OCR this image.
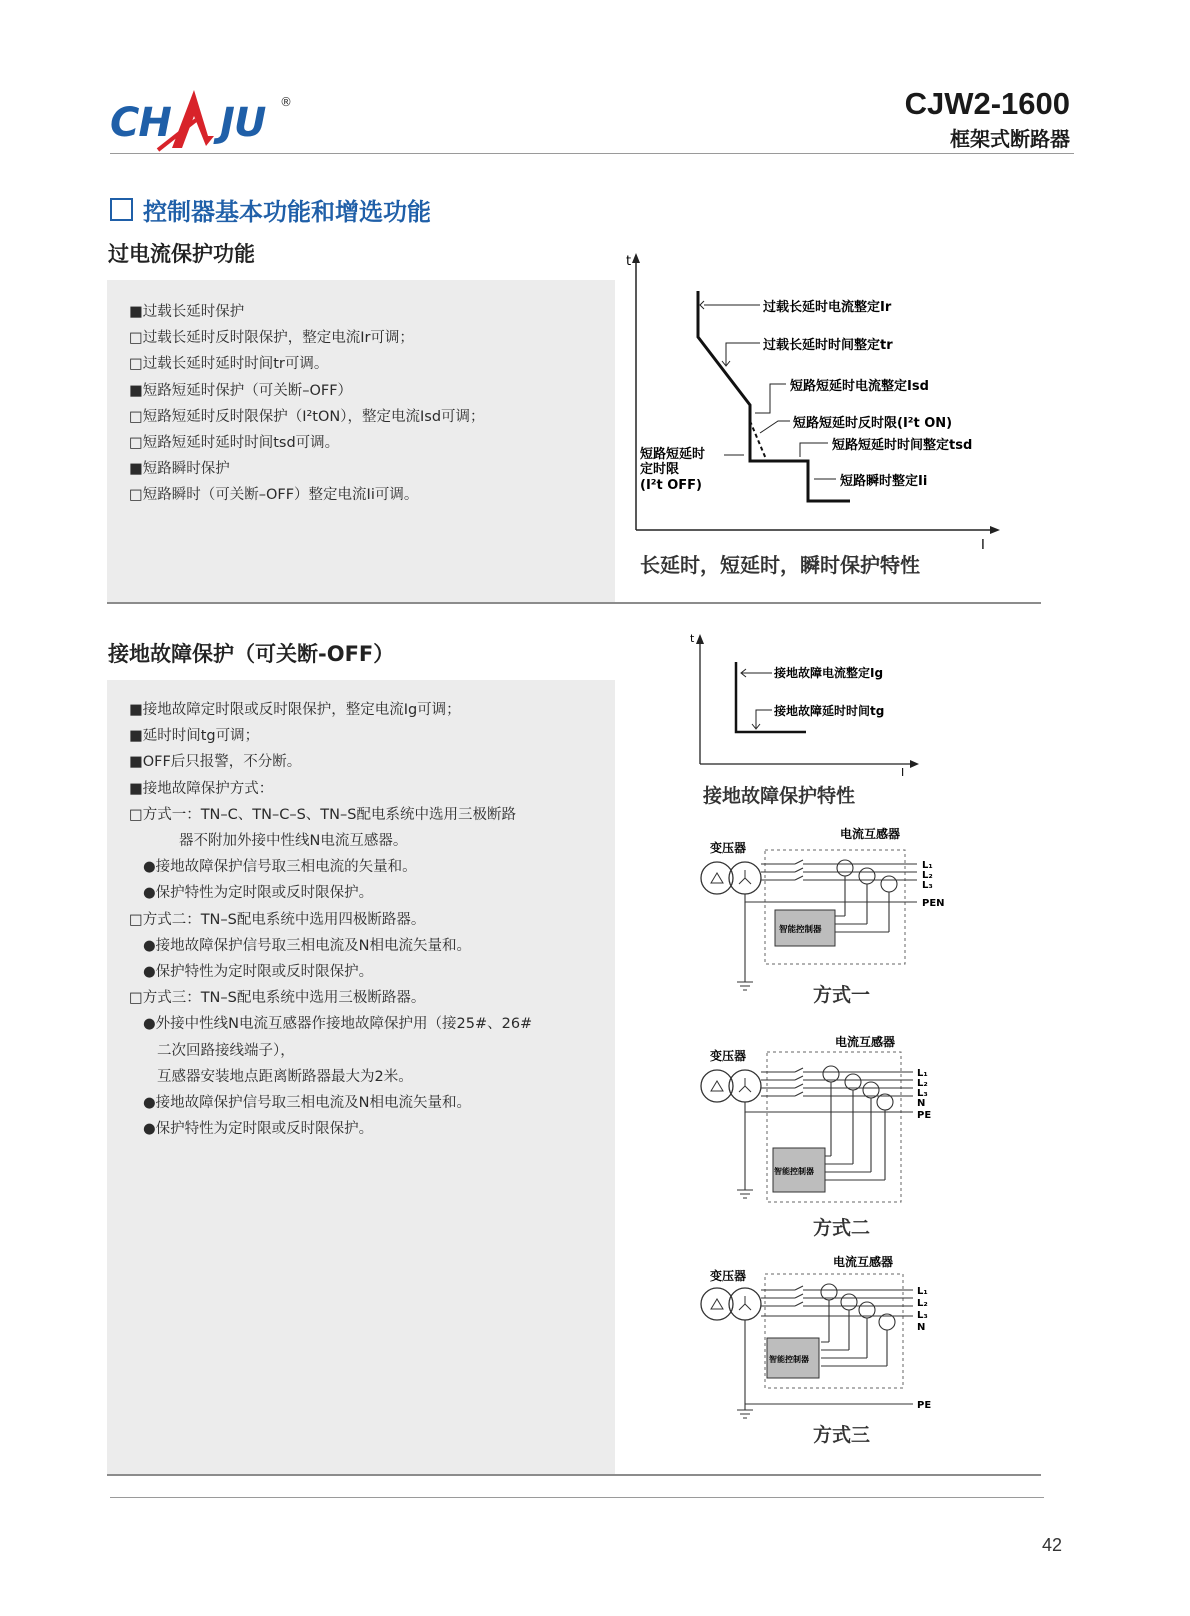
CH JU ®	CJW2-1600
框架式断路器
控制器基本功能和增选功能
过电流保护功能
■过载长延时保护
□过载长延时反时限保护，整定电流Ir可调；
□过载长延时延时时间tr可调。
■短路短延时保护（可关断–OFF）
□短路短延时反时限保护（I²tON），整定电流Isd可调；
□短路短延时延时时间tsd可调。
■短路瞬时保护
□短路瞬时（可关断–OFF）整定电流Ii可调。
t
I
过载长延时电流整定Ir
过载长延时时间整定tr
短路短延时电流整定Isd
短路短延时反时限(I²t ON)
短路短延时时间整定tsd
短路瞬时整定Ii
短路短延时
定时限
(I²t OFF)
长延时，短延时，瞬时保护特性
接地故障保护（可关断-OFF）
■接地故障定时限或反时限保护，整定电流Ig可调；
■延时时间tg可调；
■OFF后只报警，不分断。
■接地故障保护方式：
□方式一：TN–C、TN–C–S、TN–S配电系统中选用三极断路
器不附加外接中性线N电流互感器。
●接地故障保护信号取三相电流的矢量和。
●保护特性为定时限或反时限保护。
□方式二：TN–S配电系统中选用四极断路器。
●接地故障保护信号取三相电流及N相电流矢量和。
●保护特性为定时限或反时限保护。
□方式三：TN–S配电系统中选用三极断路器。
●外接中性线N电流互感器作接地故障保护用（接25#、26#
二次回路接线端子），
互感器安装地点距离断路器最大为2米。
●接地故障保护信号取三相电流及N相电流矢量和。
●保护特性为定时限或反时限保护。
t
I
接地故障电流整定Ig
接地故障延时时间tg
接地故障保护特性
变压器
电流互感器
智能控制器
L₁
L₂
L₃
PEN
方式一
变压器
电流互感器
智能控制器
L₁
L₂
L₃
N
PE
方式二
变压器
电流互感器
智能控制器
L₁
L₂
L₃
N
PE
方式三
42
